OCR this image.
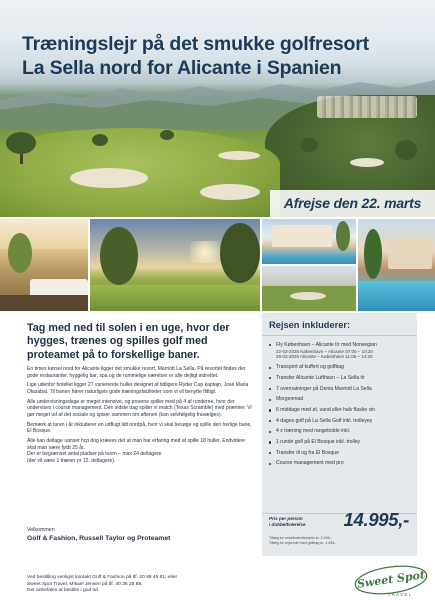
Træningslejr på det smukke golfresort
La Sella nord for Alicante i Spanien
Afrejse den 22. marts
Tag med ned til solen i en uge, hvor der hygges, trænes og spilles golf med proteamet på to forskellige baner.

En times kørsel nord for Alicante ligger det smukke resort, Marriott La Sella. På resortet findes der gode restauranter, hyggelig bar, spa og de rummelige værelser er alle dejligt indrettet.

Lige udenfor hotellet ligger 27 varierende huller designet af tidligere Ryder Cup kaptajn, José Maria Olazabal. Til banen hører naturligvis gode træningsfaciliteter som vi vil benytte flittigt.

Alle undervisningsdage er meget intensive, og proerne spiller med på 4 af runderne, hvor der undervises i course management. Den sidste dag spiller vi match (Texas Scramble) med præmier. Vi gør meget ud af det sociale og spiser sammen om aftenen (kan selvfølgelig fravælges).

Bemærk at turen i år inkluderer en udflugt lidt nordpå, hvor vi skal besøge og spille den herlige bane, El Bosque.

Alle kan deltage uanset hcp dog kræves det at man har erfaring med at spille 18 huller. Endvidere skal man være fyldt 25 år.
Der er begrænset antal pladser på turen – max 24 deltagere
(der vil være 1 træner pr 12. deltagere).
Velkommen
Golf & Fashion, Russell Taylor og Proteamet
Ved bestilling venligst kontakt Golf & Fashion på tlf. 20 89 45 81, eller
Sweet Spot Travel, Mikael Jensen på tlf. 40 36 28 88.
Det anbefales at bestille i god tid.
Rejsen inkluderer:
Fly København – Alicante t/r med Norwegian
22-03-2025 København – Alicante 07:00 – 10:20
29-03-2025 Alicante – København 11:05 – 14:20
Transport af kuffert og golfbag
Transfer Alicante Lufthavn – La Sella t/r
7 overnatninger på Denia Marriott La Sella
Morgenmad
6 middage med øl, vand eller halv flaske vin
4 dages golf på La Sella Golf inkl. trolleyey
4 x træning med rangebolde inkl.
1 runde golf på El Bosque inkl. trolley
Transfer til og fra El Bosque
Course management med pro
Pris per person
i dobbeltværelse	14.995,-
Tillæg for enkeltværelsespris kr. 2.495,-
Tillæg for rejsende med golfbag kr. 1.495,-
Sweet Spot
TRAVEL
